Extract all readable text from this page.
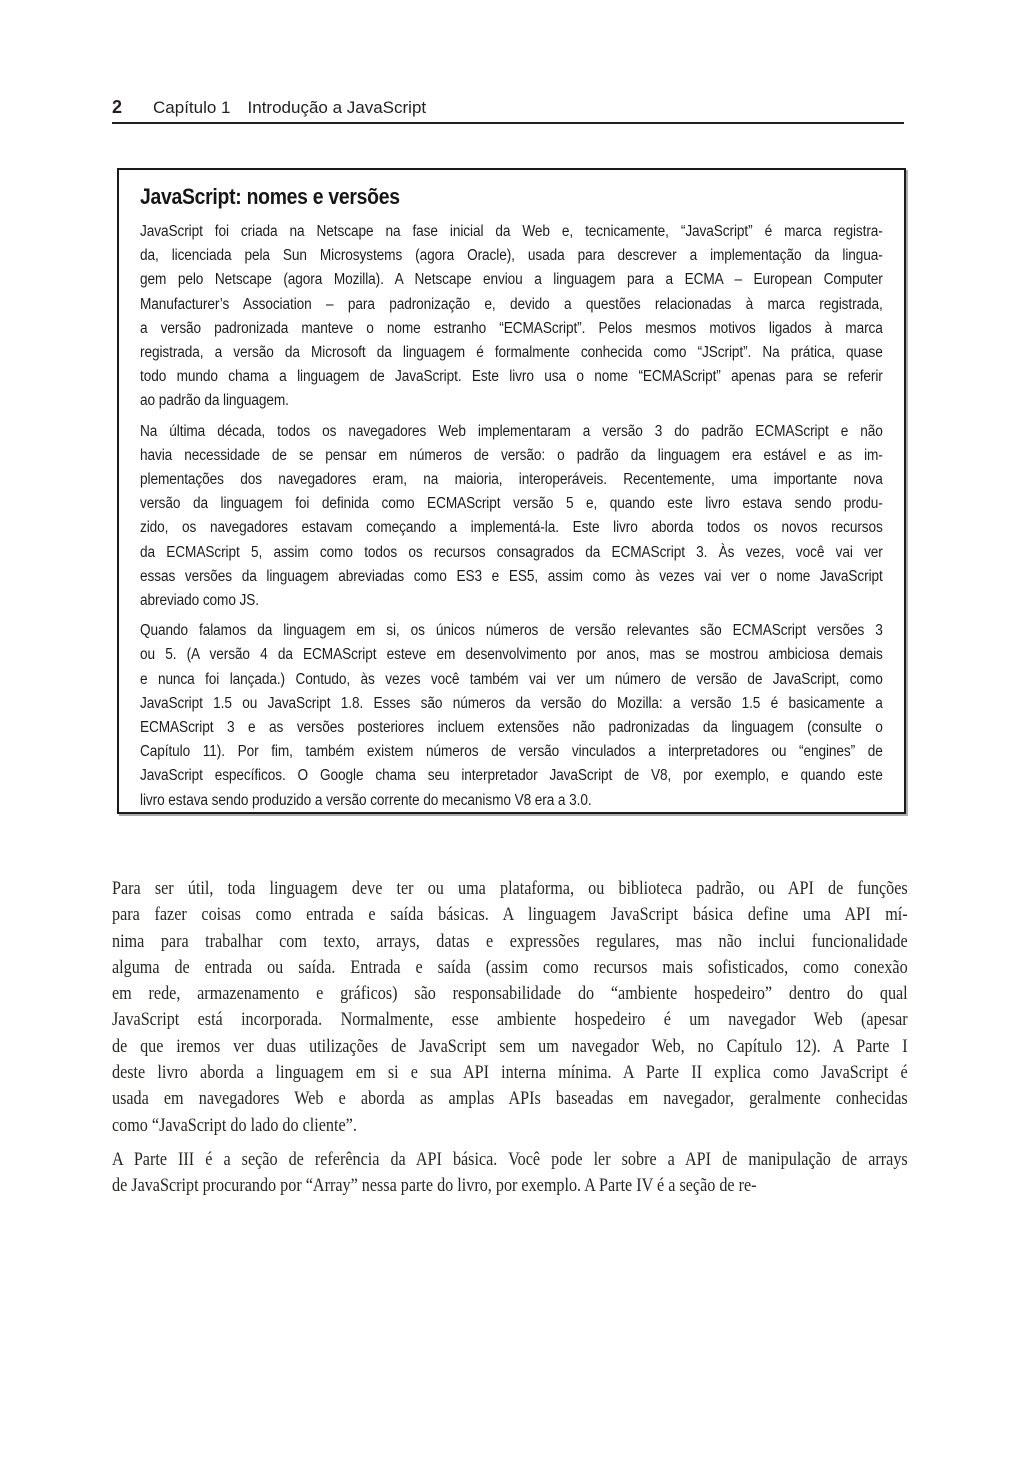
2 Capítulo 1 Introdução a JavaScript
JavaScript: nomes e versões
JavaScript foi criada na Netscape na fase inicial da Web e, tecnicamente, “JavaScript” é marca registra-
da, licenciada pela Sun Microsystems (agora Oracle), usada para descrever a implementação da lingua-
gem pelo Netscape (agora Mozilla). A Netscape enviou a linguagem para a ECMA – European Computer
Manufacturer’s Association – para padronização e, devido a questões relacionadas à marca registrada,
a versão padronizada manteve o nome estranho “ECMAScript”. Pelos mesmos motivos ligados à marca
registrada, a versão da Microsoft da linguagem é formalmente conhecida como “JScript”. Na prática, quase
todo mundo chama a linguagem de JavaScript. Este livro usa o nome “ECMAScript” apenas para se referir
ao padrão da linguagem.
Na última década, todos os navegadores Web implementaram a versão 3 do padrão ECMAScript e não
havia necessidade de se pensar em números de versão: o padrão da linguagem era estável e as im-
plementações dos navegadores eram, na maioria, interoperáveis. Recentemente, uma importante nova
versão da linguagem foi definida como ECMAScript versão 5 e, quando este livro estava sendo produ-
zido, os navegadores estavam começando a implementá-la. Este livro aborda todos os novos recursos
da ECMAScript 5, assim como todos os recursos consagrados da ECMAScript 3. Às vezes, você vai ver
essas versões da linguagem abreviadas como ES3 e ES5, assim como às vezes vai ver o nome JavaScript
abreviado como JS.
Quando falamos da linguagem em si, os únicos números de versão relevantes são ECMAScript versões 3
ou 5. (A versão 4 da ECMAScript esteve em desenvolvimento por anos, mas se mostrou ambiciosa demais
e nunca foi lançada.) Contudo, às vezes você também vai ver um número de versão de JavaScript, como
JavaScript 1.5 ou JavaScript 1.8. Esses são números da versão do Mozilla: a versão 1.5 é basicamente a
ECMAScript 3 e as versões posteriores incluem extensões não padronizadas da linguagem (consulte o
Capítulo 11). Por fim, também existem números de versão vinculados a interpretadores ou “engines” de
JavaScript específicos. O Google chama seu interpretador JavaScript de V8, por exemplo, e quando este
livro estava sendo produzido a versão corrente do mecanismo V8 era a 3.0.
Para ser útil, toda linguagem deve ter ou uma plataforma, ou biblioteca padrão, ou API de funções
para fazer coisas como entrada e saída básicas. A linguagem JavaScript básica define uma API mí-
nima para trabalhar com texto, arrays, datas e expressões regulares, mas não inclui funcionalidade
alguma de entrada ou saída. Entrada e saída (assim como recursos mais sofisticados, como conexão
em rede, armazenamento e gráficos) são responsabilidade do “ambiente hospedeiro” dentro do qual
JavaScript está incorporada. Normalmente, esse ambiente hospedeiro é um navegador Web (apesar
de que iremos ver duas utilizações de JavaScript sem um navegador Web, no Capítulo 12). A Parte I
deste livro aborda a linguagem em si e sua API interna mínima. A Parte II explica como JavaScript é
usada em navegadores Web e aborda as amplas APIs baseadas em navegador, geralmente conhecidas
como “JavaScript do lado do cliente”.
A Parte III é a seção de referência da API básica. Você pode ler sobre a API de manipulação de arrays
de JavaScript procurando por “Array” nessa parte do livro, por exemplo. A Parte IV é a seção de re-
